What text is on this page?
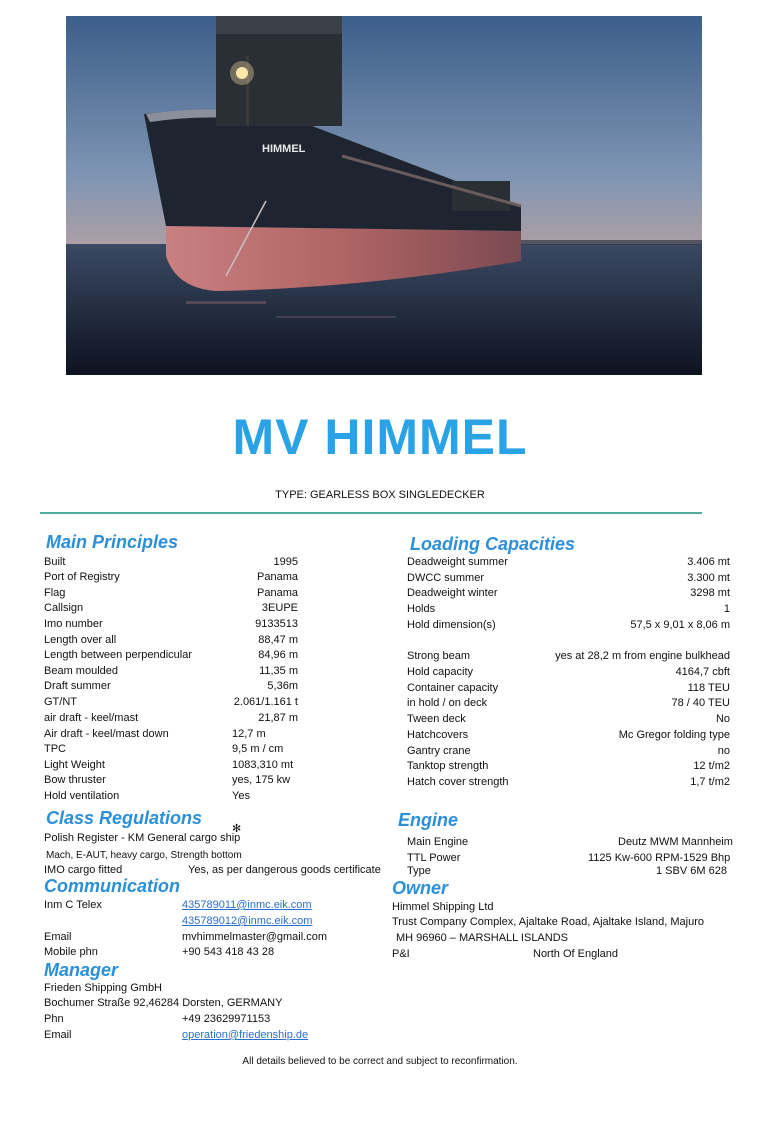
HIMMEL
MV HIMMEL
TYPE: GEARLESS BOX SINGLEDECKER
Main Principles
Built	1995
Port of Registry	Panama
Flag	Panama
Callsign	3EUPE
Imo number	9133513
Length over all	88,47 m
Length between perpendicular	84,96 m
Beam moulded	11,35 m
Draft summer	5,36m
GT/NT	2.061/1.161 t
air draft - keel/mast	21,87 m
Air draft - keel/mast down	12,7 m
TPC	9,5 m / cm
Light Weight	1083,310 mt
Bow thruster	yes, 175 kw
Hold ventilation	Yes
Loading Capacities
Deadweight summer	3.406 mt
DWCC summer	3.300 mt
Deadweight winter	3298 mt
Holds	1
Hold dimension(s)	57,5 x 9,01 x 8,06 m
Strong beam	yes at 28,2 m from engine bulkhead
Hold capacity	4164,7 cbft
Container capacity	118 TEU
in hold / on deck	78 / 40 TEU
Tween deck	No
Hatchcovers	Mc Gregor folding type
Gantry crane	no
Tanktop strength	12 t/m2
Hatch cover strength	1,7 t/m2
Class Regulations
Polish Register - KM General cargo ship
✻
Mach, E-AUT, heavy cargo, Strength bottom
IMO cargo fitted	Yes, as per dangerous goods certificate
Engine
Main Engine	Deutz MWM Mannheim
TTL Power	1125 Kw-600 RPM-1529 Bhp
Type	1 SBV 6M 628
Communication
Inm C Telex	435789011@inmc.eik.com
435789012@inmc.eik.com
Email	mvhimmelmaster@gmail.com
Mobile phn	+90 543 418 43 28
Owner
Himmel Shipping Ltd
Trust Company Complex, Ajaltake Road, Ajaltake Island, Majuro
MH 96960 – MARSHALL ISLANDS
P&I	North Of England
Manager
Frieden Shipping GmbH
Bochumer Straße 92,46284 Dorsten, GERMANY
Phn	+49 23629971153
Email	operation@friedenship.de
All details believed to be correct and subject to reconfirmation.
